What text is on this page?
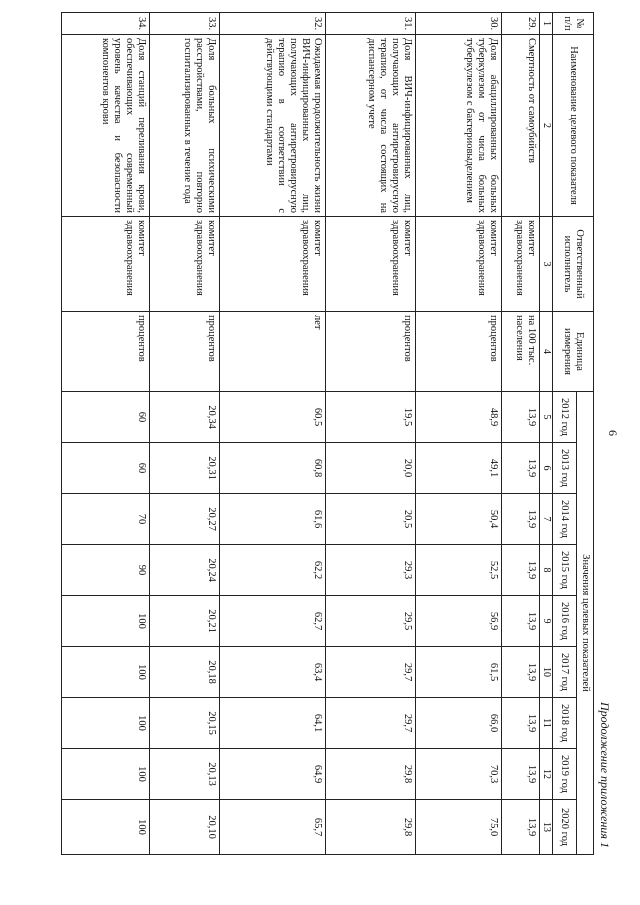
6
Продолжение приложения 1
№ п/п	Наименование целевого показателя	Ответственный исполнитель	Единица измерения	Значения целевых показателей								
				2012 год	2013 год	2014 год	2015 год	2016 год	2017 год	2018 год	2019 год	2020 год
1	2	3	4	5	6	7	8	9	10	11	12	13
29.	Смертность от самоубийств	комитет здравоохранения	на 100 тыс. населения	13,9	13,9	13,9	13,9	13,9	13,9	13,9	13,9	13,9
30.	Доля абациллированных больных туберкулезом от числа больных туберкулезом с бактериовыделением	комитет здравоохранения	процентов	48,9	49,1	50,4	52,5	56,9	61,5	66,0	70,3	75,0
31.	Доля ВИЧ-инфицированных лиц, получающих антиретровирусную терапию, от числа состоящих на диспансерном учете	комитет здравоохранения	процентов	19,5	20,0	20,5	29,3	29,5	29,7	29,7	29,8	29,8
32.	Ожидаемая продолжительность жизни ВИЧ-инфицированных лиц, получающих антиретровирусную терапию в соответствии с действующими стандартами	комитет здравоохранения	лет	60,5	60,8	61,6	62,2	62,7	63,4	64,1	64,9	65,7
33.	Доля больных психическими расстройствами, повторно госпитализированных в течение года	комитет здравоохранения	процентов	20,34	20,31	20,27	20,24	20,21	20,18	20,15	20,13	20,10
34.	Доля станций переливания крови, обеспечивающих современный уровень качества и безопасности компонентов крови	комитет здравоохранения	процентов	60	60	70	90	100	100	100	100	100
